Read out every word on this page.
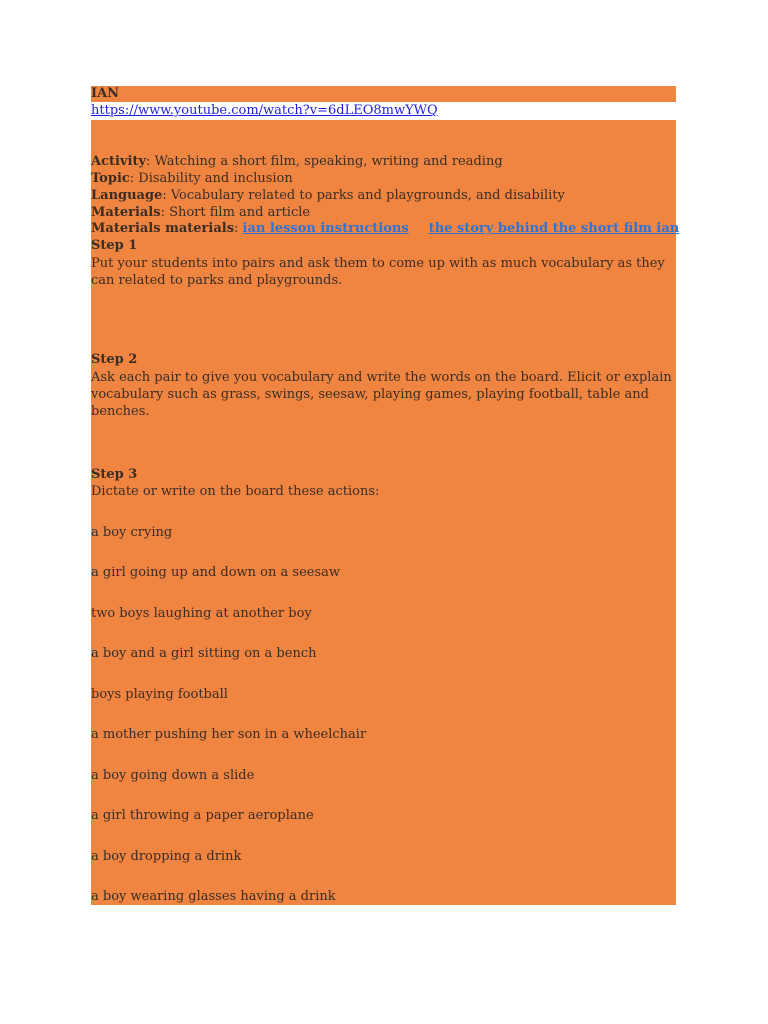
IAN
https://www.youtube.com/watch?v=6dLEO8mwYWQ
Activity: Watching a short film, speaking, writing and reading
Topic: Disability and inclusion
Language: Vocabulary related to parks and playgrounds, and disability
Materials: Short film and article
Materials materials: ian lesson instructions the story behind the short film ian
Step 1
Put your students into pairs and ask them to come up with as much vocabulary as they can related to parks and playgrounds.
Step 2
Ask each pair to give you vocabulary and write the words on the board. Elicit or explain vocabulary such as grass, swings, seesaw, playing games, playing football, table and benches.
Step 3
Dictate or write on the board these actions:
a boy crying
a girl going up and down on a seesaw
two boys laughing at another boy
a boy and a girl sitting on a bench
boys playing football
a mother pushing her son in a wheelchair
a boy going down a slide
a girl throwing a paper aeroplane
a boy dropping a drink
a boy wearing glasses having a drink
